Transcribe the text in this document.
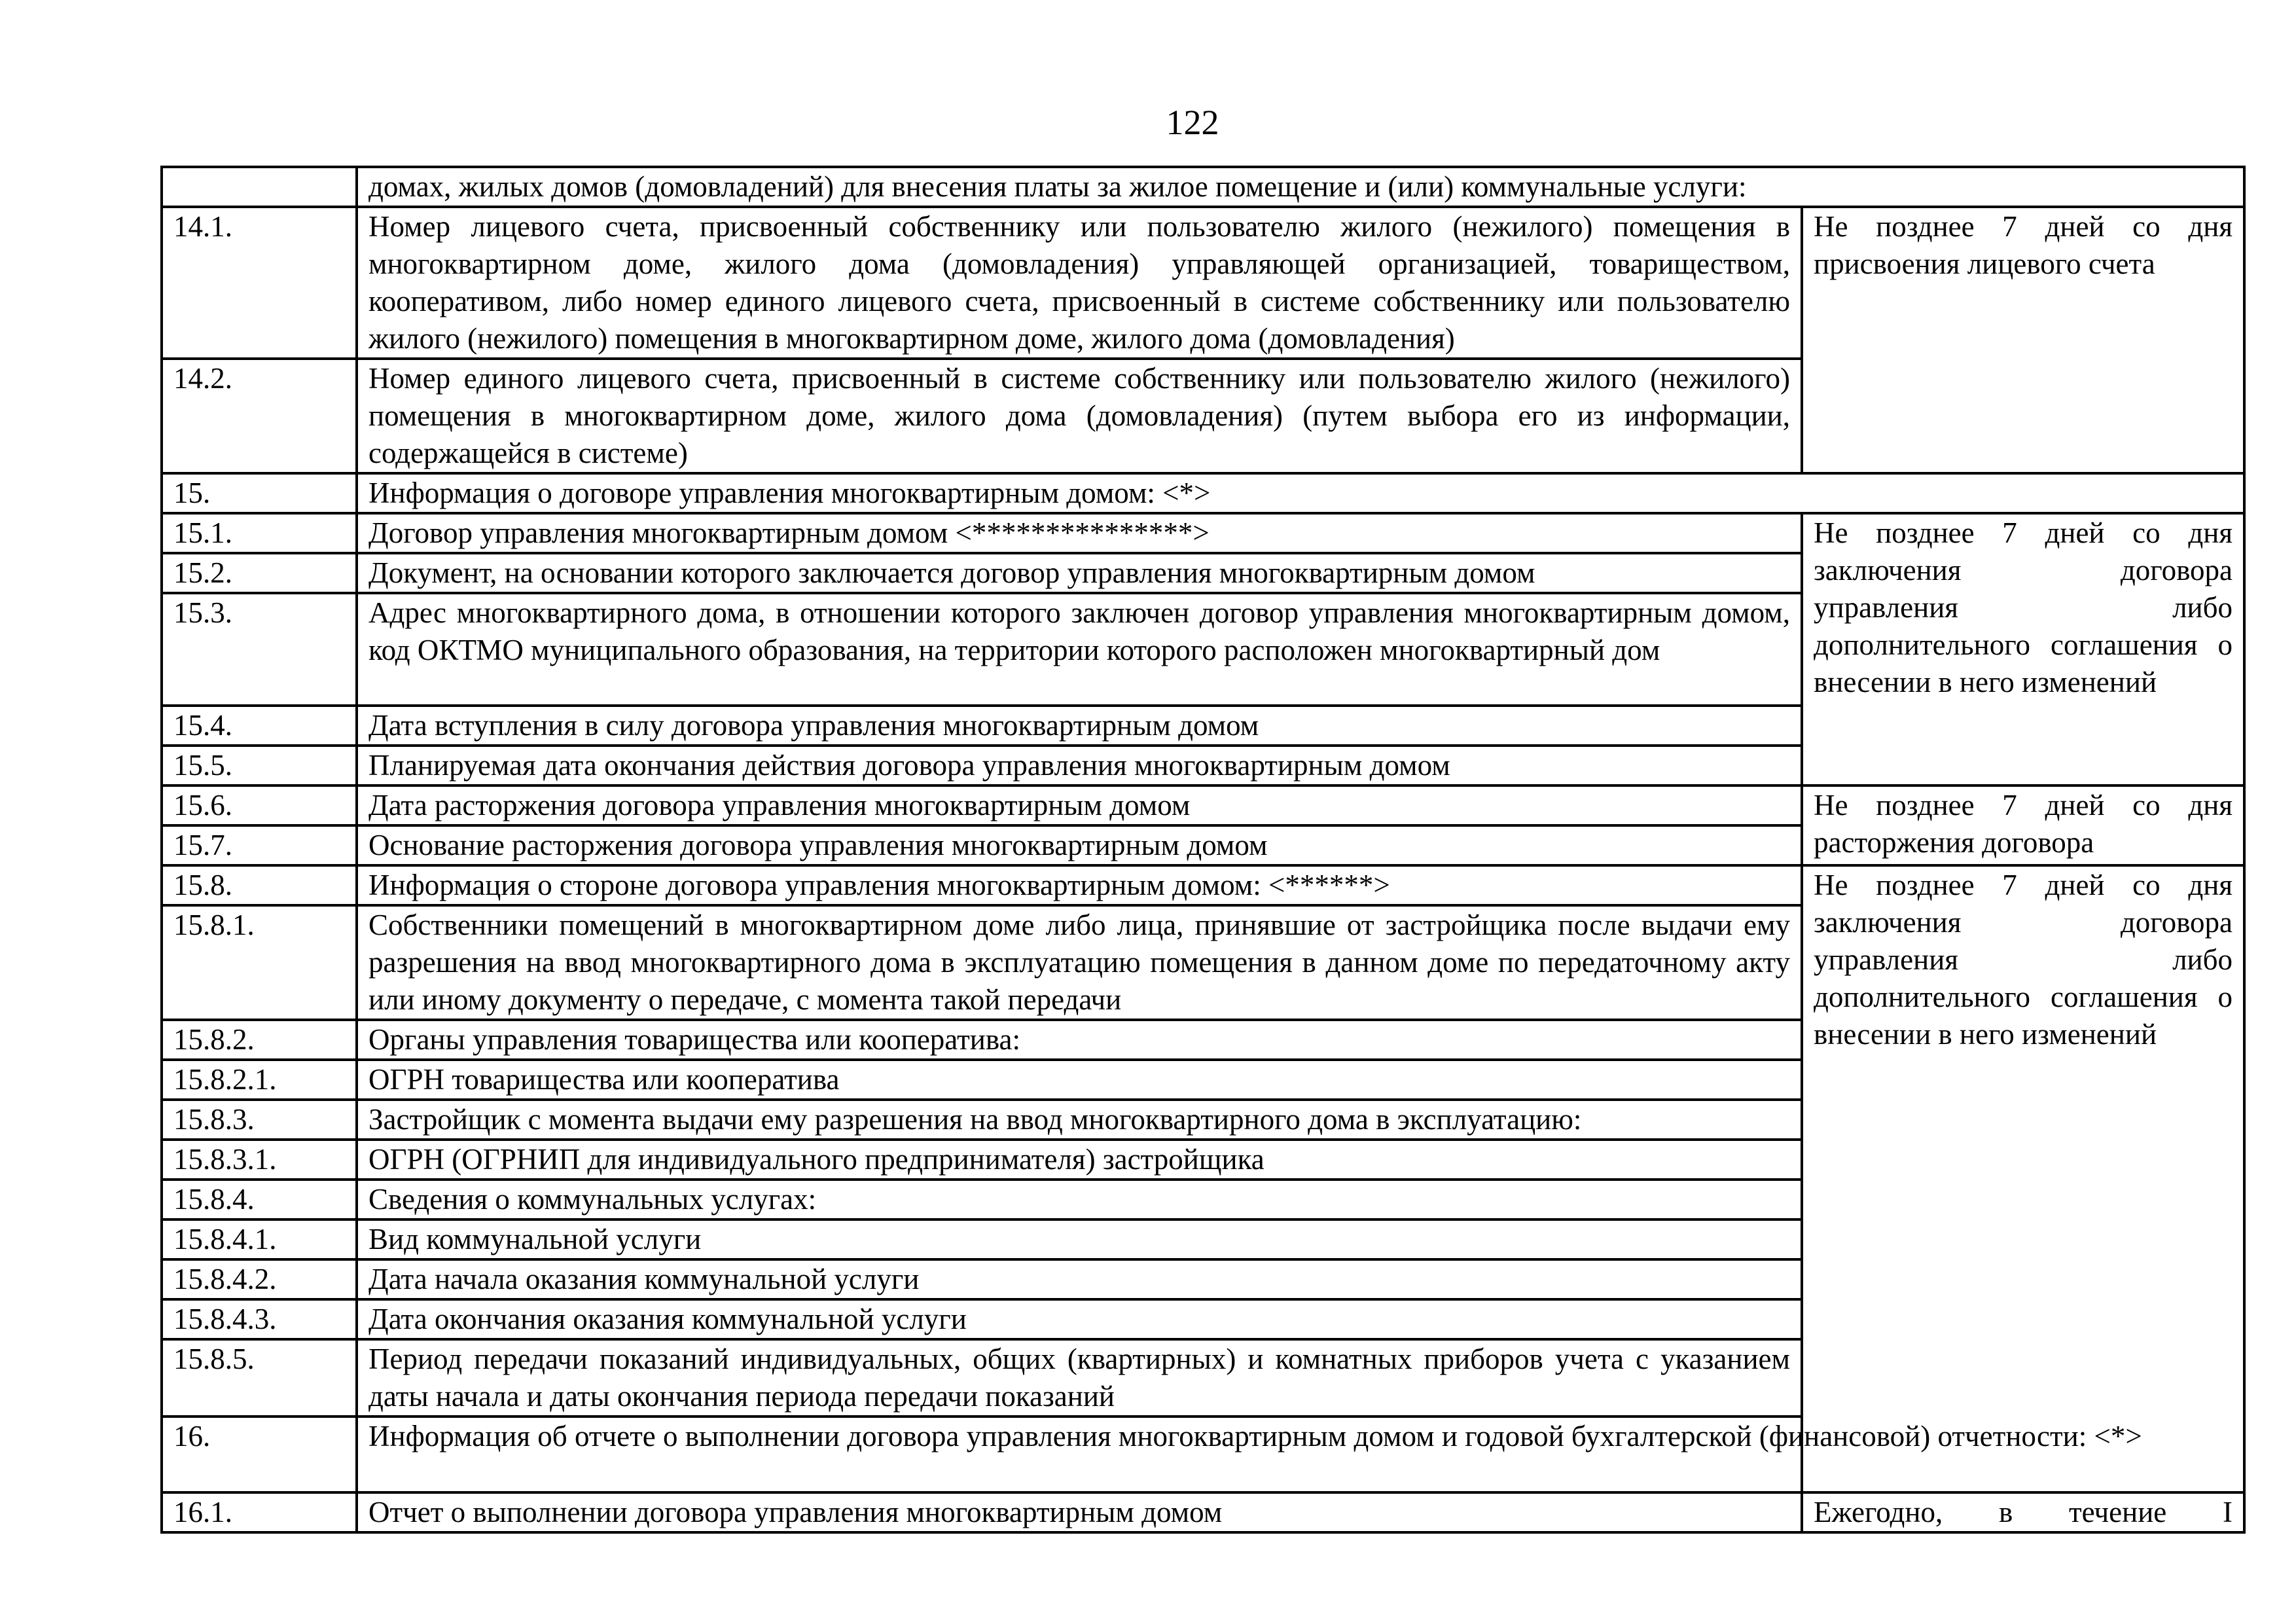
122
	домах, жилых домов (домовладений) для внесения платы за жилое помещение и (или) коммунальные услуги:	
14.1.	Номер лицевого счета, присвоенный собственнику или пользователю жилого (нежилого) помещения в многоквартирном доме, жилого дома (домовладения) управляющей организацией, товариществом, кооперативом, либо номер единого лицевого счета, присвоенный в системе собственнику или пользователю жилого (нежилого) помещения в многоквартирном доме, жилого дома (домовладения)	Не позднее 7 дней со дня присвоения лицевого счета
14.2.	Номер единого лицевого счета, присвоенный в системе собственнику или пользователю жилого (нежилого) помещения в многоквартирном доме, жилого дома (домовладения) (путем выбора его из информации, содержащейся в системе)	
15.	Информация о договоре управления многоквартирным домом: <*>	
15.1.	Договор управления многоквартирным домом <***************>	Не позднее 7 дней со дня заключения договора управления либо дополнительного соглашения о внесении в него изменений
15.2.	Документ, на основании которого заключается договор управления многоквартирным домом	
15.3.	Адрес многоквартирного дома, в отношении которого заключен договор управления многоквартирным домом, код ОКТМО муниципального образования, на территории которого расположен многоквартирный дом	
15.4.	Дата вступления в силу договора управления многоквартирным домом	
15.5.	Планируемая дата окончания действия договора управления многоквартирным домом	
15.6.	Дата расторжения договора управления многоквартирным домом	Не позднее 7 дней со дня расторжения договора
15.7.	Основание расторжения договора управления многоквартирным домом	
15.8.	Информация о стороне договора управления многоквартирным домом: <******>	Не позднее 7 дней со дня заключения договора управления либо дополнительного соглашения о внесении в него изменений
15.8.1.	Собственники помещений в многоквартирном доме либо лица, принявшие от застройщика после выдачи ему разрешения на ввод многоквартирного дома в эксплуатацию помещения в данном доме по передаточному акту или иному документу о передаче, с момента такой передачи	
15.8.2.	Органы управления товарищества или кооператива:	
15.8.2.1.	ОГРН товарищества или кооператива	
15.8.3.	Застройщик с момента выдачи ему разрешения на ввод многоквартирного дома в эксплуатацию:	
15.8.3.1.	ОГРН (ОГРНИП для индивидуального предпринимателя) застройщика	
15.8.4.	Сведения о коммунальных услугах:	
15.8.4.1.	Вид коммунальной услуги	
15.8.4.2.	Дата начала оказания коммунальной услуги	
15.8.4.3.	Дата окончания оказания коммунальной услуги	
15.8.5.	Период передачи показаний индивидуальных, общих (квартирных) и комнатных приборов учета с указанием даты начала и даты окончания периода передачи показаний	
16.	Информация об отчете о выполнении договора управления многоквартирным домом и годовой бухгалтерской (финансовой) отчетности: <*>	
16.1.	Отчет о выполнении договора управления многоквартирным домом	Ежегодно, в течение I
